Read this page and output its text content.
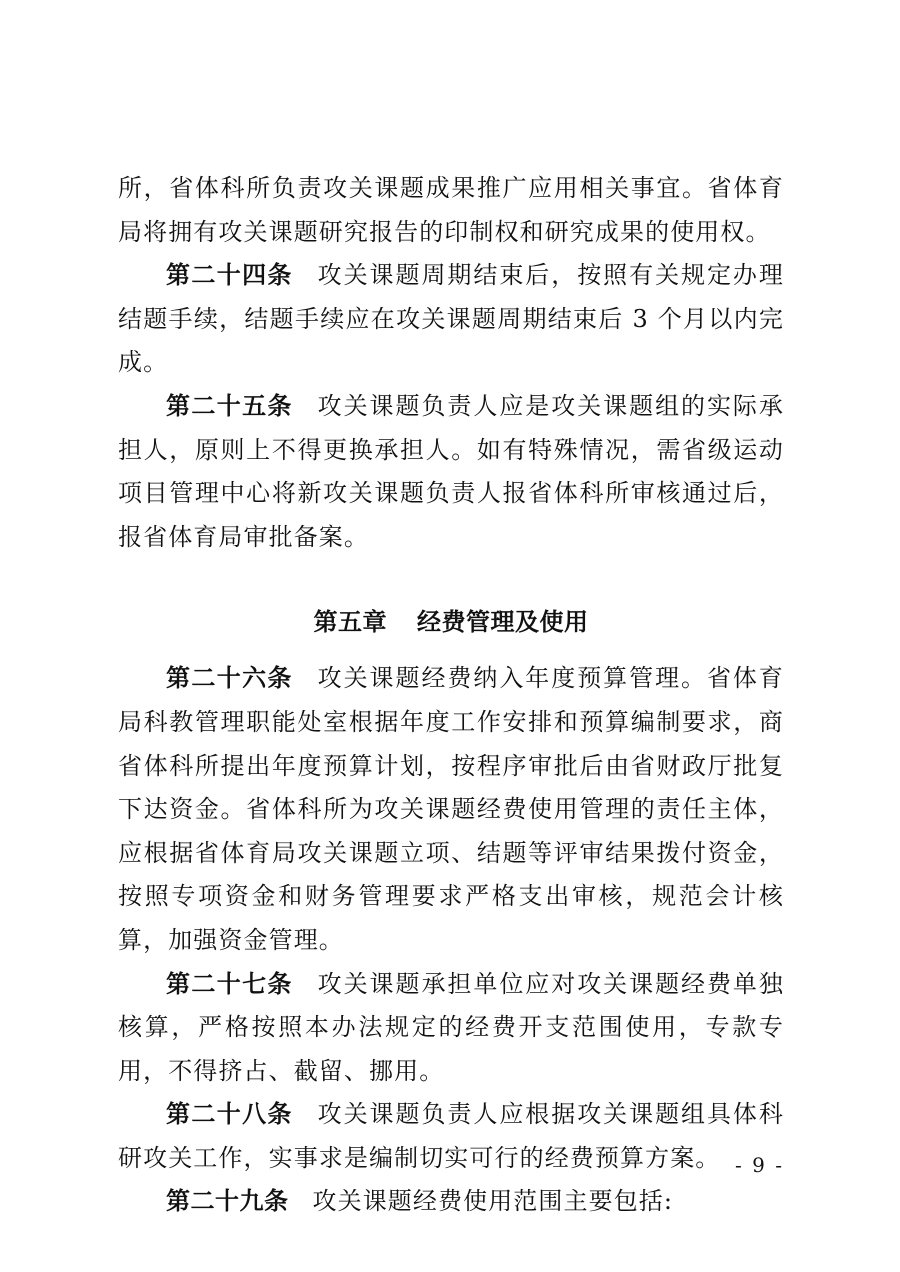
所，省体科所负责攻关课题成果推广应用相关事宜。省体育局将拥有攻关课题研究报告的印制权和研究成果的使用权。

第二十四条 攻关课题周期结束后，按照有关规定办理结题手续，结题手续应在攻关课题周期结束后 3 个月以内完成。

第二十五条 攻关课题负责人应是攻关课题组的实际承担人，原则上不得更换承担人。如有特殊情况，需省级运动项目管理中心将新攻关课题负责人报省体科所审核通过后，报省体育局审批备案。

第五章 经费管理及使用

第二十六条 攻关课题经费纳入年度预算管理。省体育局科教管理职能处室根据年度工作安排和预算编制要求，商省体科所提出年度预算计划，按程序审批后由省财政厅批复下达资金。省体科所为攻关课题经费使用管理的责任主体，应根据省体育局攻关课题立项、结题等评审结果拨付资金，按照专项资金和财务管理要求严格支出审核，规范会计核算，加强资金管理。

第二十七条 攻关课题承担单位应对攻关课题经费单独核算，严格按照本办法规定的经费开支范围使用，专款专用，不得挤占、截留、挪用。

第二十八条 攻关课题负责人应根据攻关课题组具体科研攻关工作，实事求是编制切实可行的经费预算方案。

第二十九条 攻关课题经费使用范围主要包括:

- 9 -
